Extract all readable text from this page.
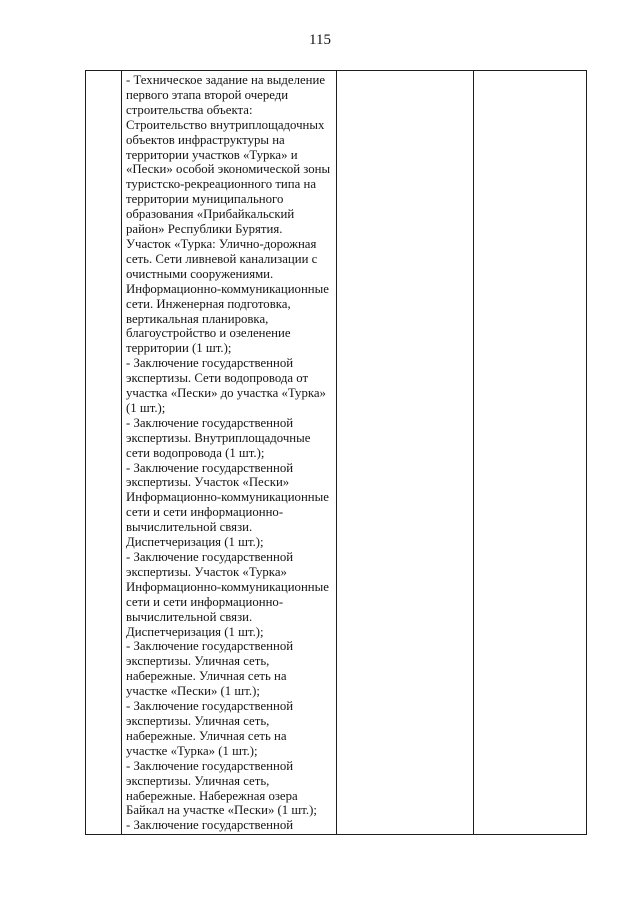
115
- Техническое задание на выделение
первого этапа второй очереди
строительства объекта:
Строительство внутриплощадочных
объектов инфраструктуры на
территории участков «Турка» и
«Пески» особой экономической зоны
туристско-рекреационного типа на
территории муниципального
образования «Прибайкальский
район» Республики Бурятия.
Участок «Турка: Улично-дорожная
сеть. Сети ливневой канализации с
очистными сооружениями.
Информационно-коммуникационные
сети. Инженерная подготовка,
вертикальная планировка,
благоустройство и озеленение
территории (1 шт.);
- Заключение государственной
экспертизы. Сети водопровода от
участка «Пески» до участка «Турка»
(1 шт.);
- Заключение государственной
экспертизы. Внутриплощадочные
сети водопровода (1 шт.);
- Заключение государственной
экспертизы. Участок «Пески»
Информационно-коммуникационные
сети и сети информационно-
вычислительной связи.
Диспетчеризация (1 шт.);
- Заключение государственной
экспертизы. Участок «Турка»
Информационно-коммуникационные
сети и сети информационно-
вычислительной связи.
Диспетчеризация (1 шт.);
- Заключение государственной
экспертизы. Уличная сеть,
набережные. Уличная сеть на
участке «Пески» (1 шт.);
- Заключение государственной
экспертизы. Уличная сеть,
набережные. Уличная сеть на
участке «Турка» (1 шт.);
- Заключение государственной
экспертизы. Уличная сеть,
набережные. Набережная озера
Байкал на участке «Пески» (1 шт.);
- Заключение государственной
